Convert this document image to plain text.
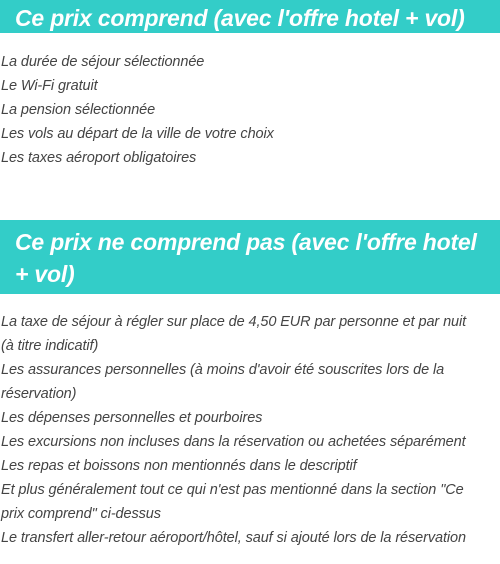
Ce prix comprend (avec l'offre hotel + vol)
La durée de séjour sélectionnée
Le Wi-Fi gratuit
La pension sélectionnée
Les vols au départ de la ville de votre choix
Les taxes aéroport obligatoires
Ce prix ne comprend pas (avec l'offre hotel + vol)
La taxe de séjour à régler sur place de 4,50 EUR par personne et par nuit (à titre indicatif)
Les assurances personnelles (à moins d'avoir été souscrites lors de la réservation)
Les dépenses personnelles et pourboires
Les excursions non incluses dans la réservation ou achetées séparément
Les repas et boissons non mentionnés dans le descriptif
Et plus généralement tout ce qui n'est pas mentionné dans la section "Ce prix comprend" ci-dessus
Le transfert aller-retour aéroport/hôtel, sauf si ajouté lors de la réservation
